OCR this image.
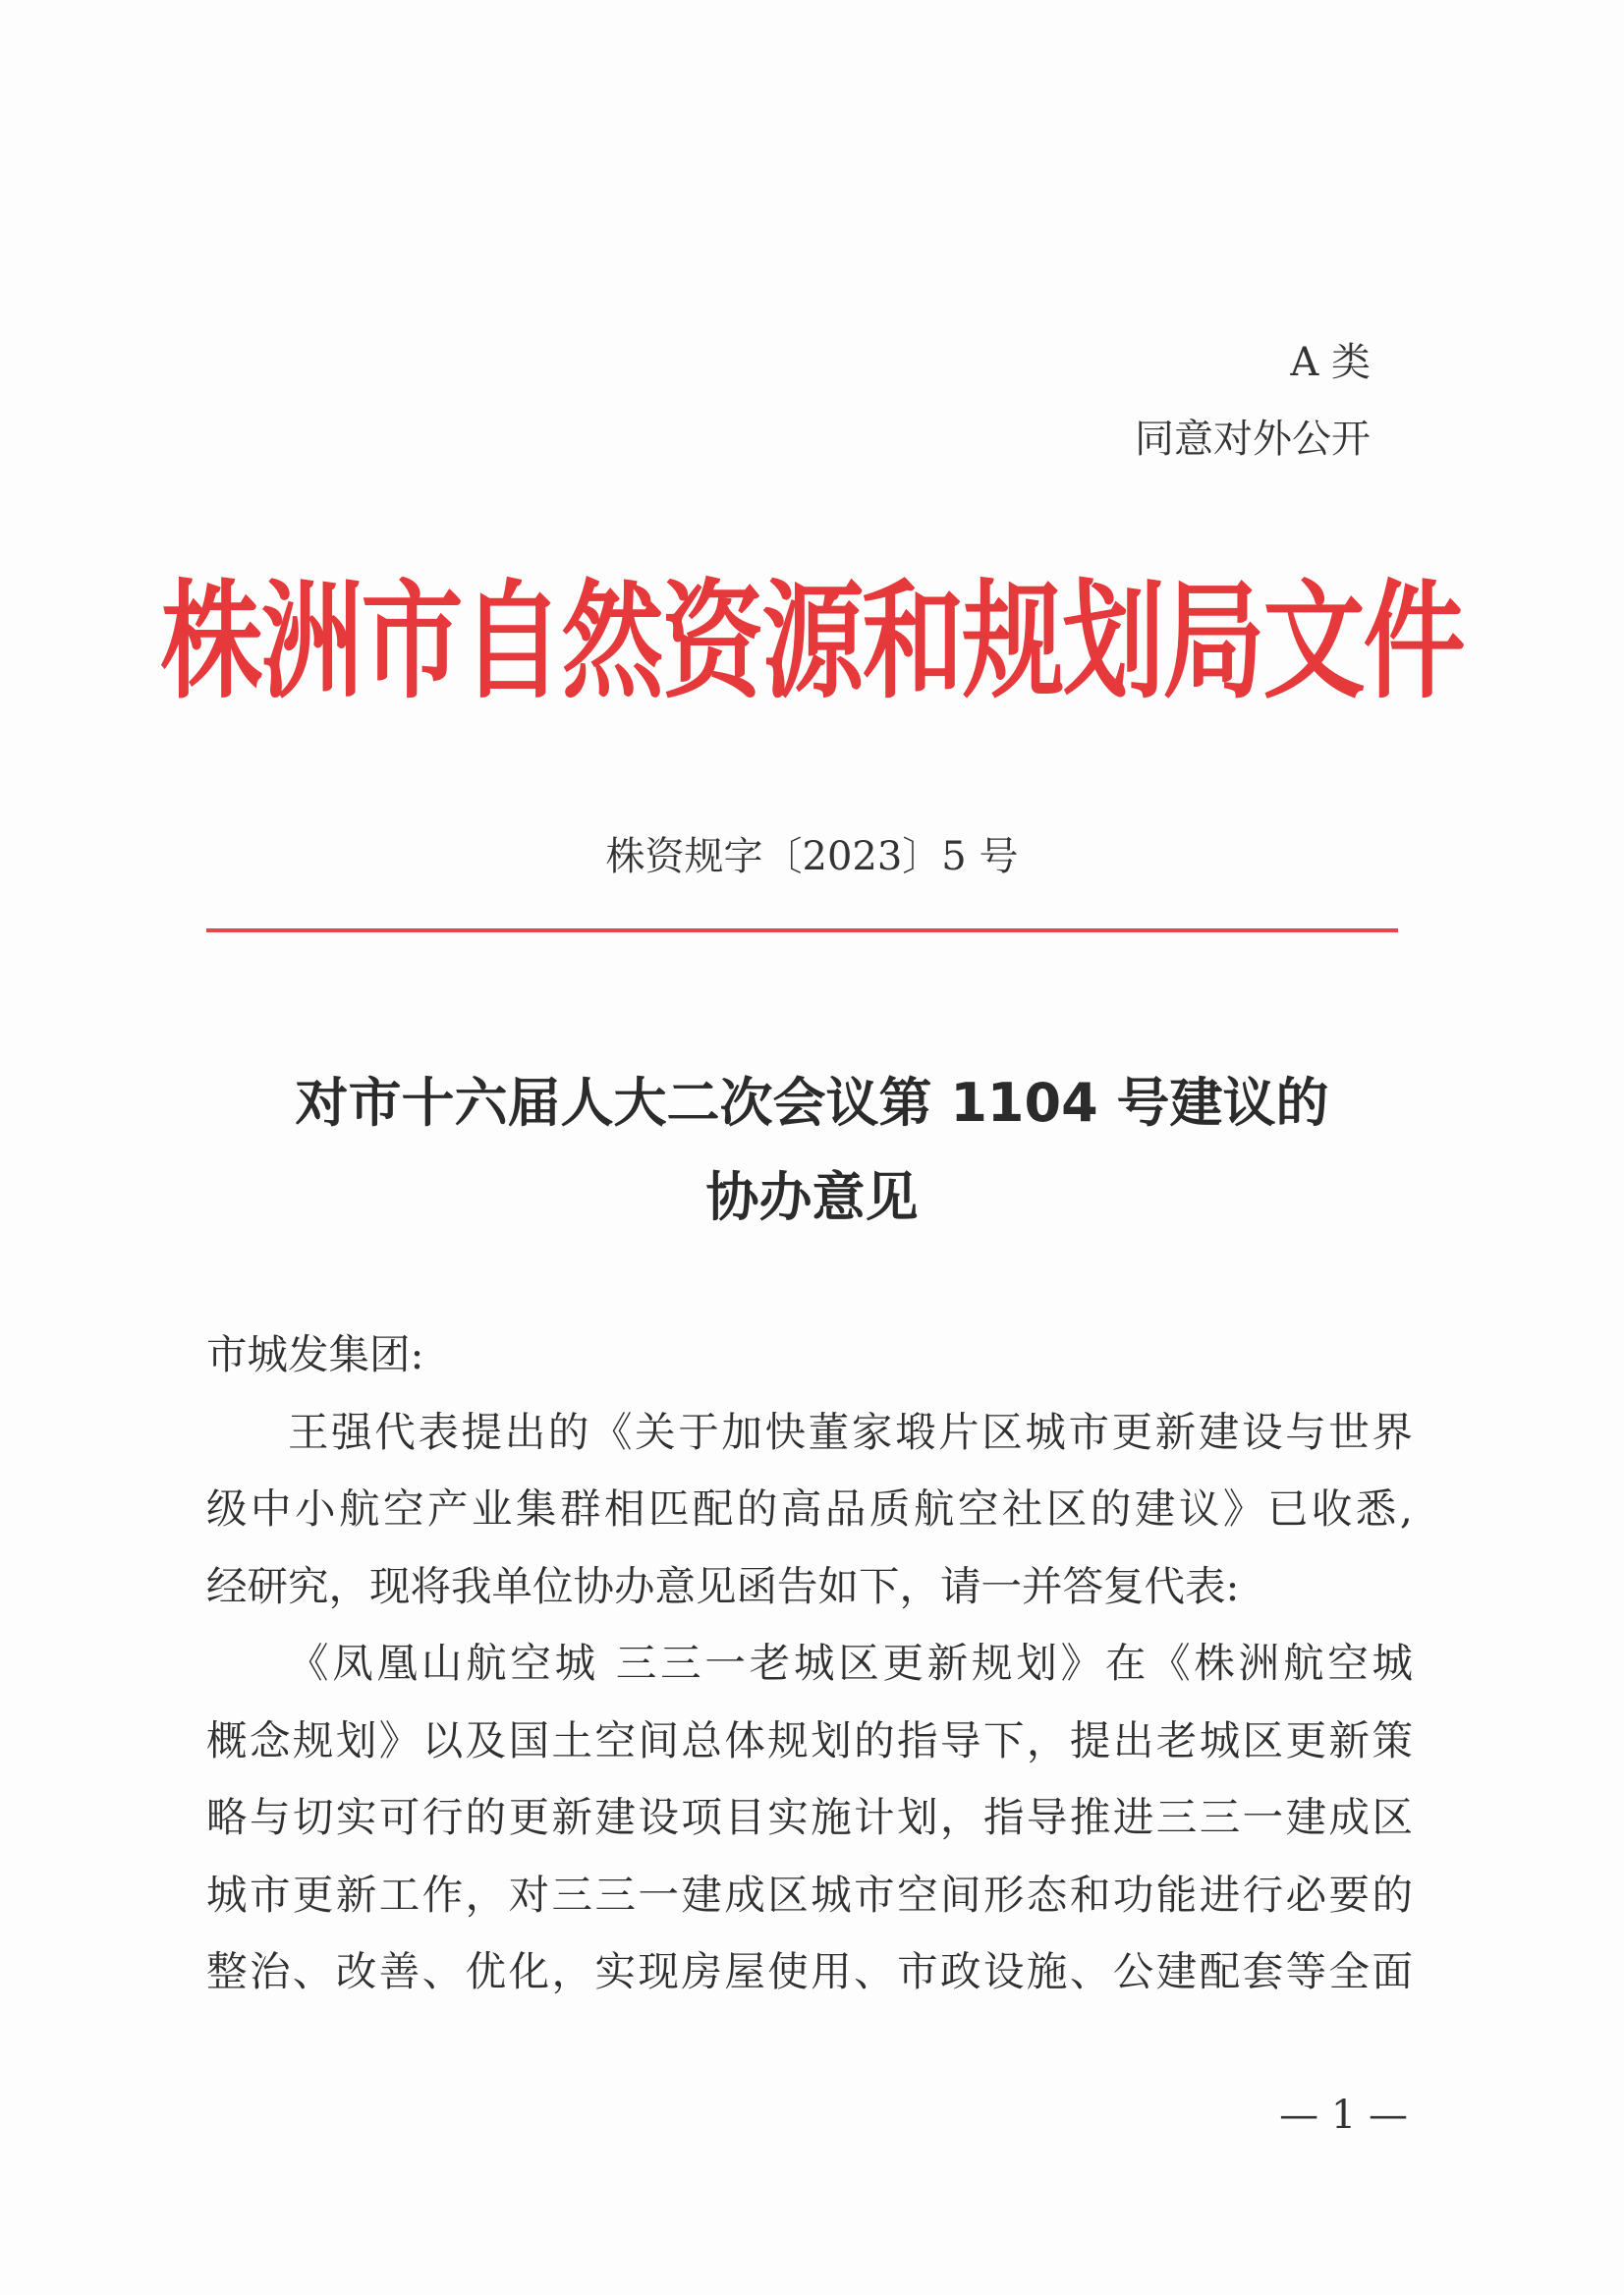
A 类
同意对外公开
株洲市自然资源和规划局文件
株资规字〔2023〕5 号
对市十六届人大二次会议第 1104 号建议的
协办意见
市城发集团:
王强代表提出的《关于加快董家塅片区城市更新建设与世界
级中小航空产业集群相匹配的高品质航空社区的建议》已收悉,
经研究，现将我单位协办意见函告如下，请一并答复代表:
《凤凰山航空城 三三一老城区更新规划》在《株洲航空城
概念规划》以及国土空间总体规划的指导下，提出老城区更新策
略与切实可行的更新建设项目实施计划，指导推进三三一建成区
城市更新工作，对三三一建成区城市空间形态和功能进行必要的
整治、改善、优化，实现房屋使用、市政设施、公建配套等全面
— 1 —
